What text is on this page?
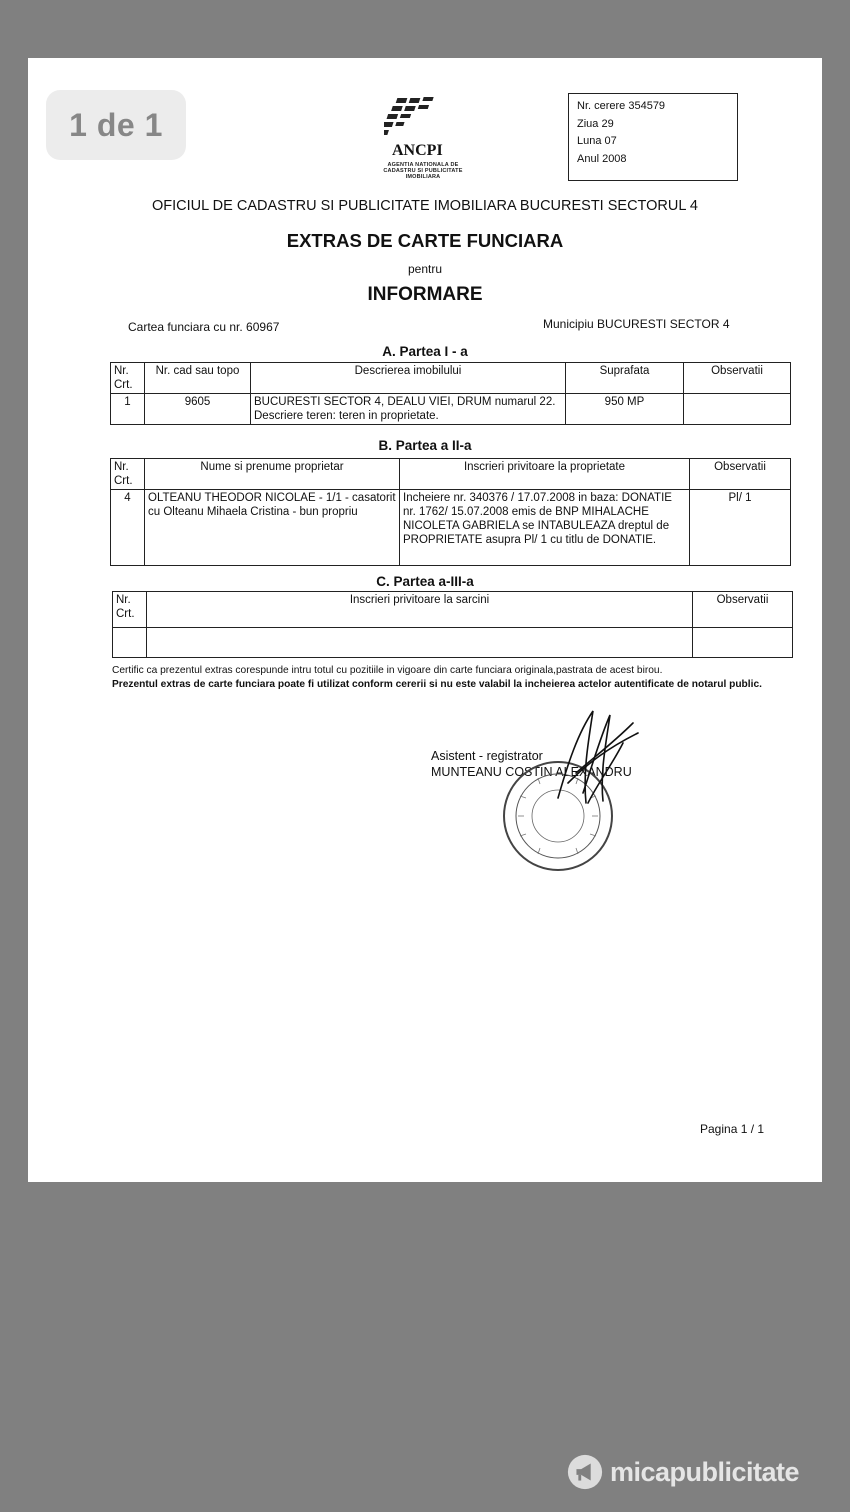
ANCPI
AGENTIA NATIONALA DE CADASTRU SI PUBLICITATE IMOBILIARA
Nr. cerere 354579
Ziua 29
Luna 07
Anul 2008
OFICIUL DE CADASTRU SI PUBLICITATE IMOBILIARA BUCURESTI SECTORUL 4
EXTRAS DE CARTE FUNCIARA
pentru
INFORMARE
Cartea funciara cu nr. 60967	Municipiu BUCURESTI SECTOR 4
A. Partea I - a
Nr. Crt.	Nr. cad sau topo	Descrierea imobilului	Suprafata	Observatii
1	9605	BUCURESTI SECTOR 4, DEALU VIEI, DRUM numarul 22. Descriere teren: teren in proprietate.	950 MP	
B. Partea a II-a
Nr. Crt.	Nume si prenume proprietar	Inscrieri privitoare la proprietate	Observatii
4	OLTEANU THEODOR NICOLAE - 1/1 - casatorit cu Olteanu Mihaela Cristina - bun propriu	Incheiere nr. 340376 / 17.07.2008 in baza: DONATIE nr. 1762/ 15.07.2008 emis de BNP MIHALACHE NICOLETA GABRIELA se INTABULEAZA dreptul de PROPRIETATE asupra Pl/ 1 cu titlu de DONATIE.	Pl/ 1
C. Partea a-III-a
Nr. Crt.	Inscrieri privitoare la sarcini	Observatii

Certific ca prezentul extras corespunde intru totul cu pozitiile in vigoare din carte funciara originala,pastrata de acest birou.
Prezentul extras de carte funciara poate fi utilizat conform cererii si nu este valabil la incheierea actelor autentificate de notarul public.
Asistent - registrator
MUNTEANU COSTIN ALEXANDRU
Pagina 1 / 1
1 de 1
micapublicitate
